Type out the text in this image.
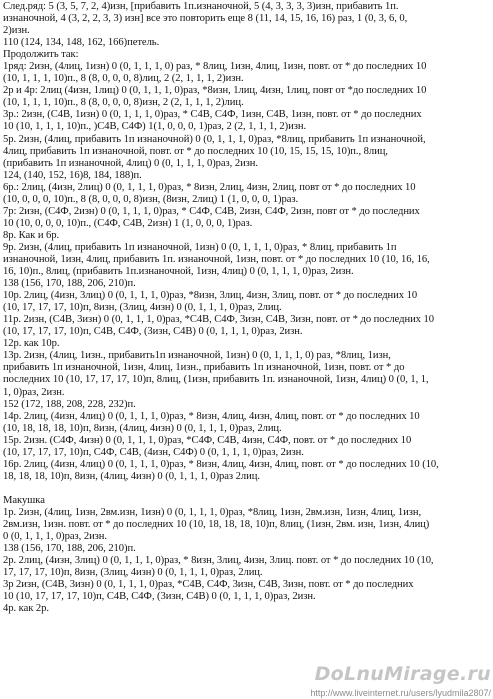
След.ряд: 5 (3, 5, 7, 2, 4)изн, [прибавить 1п.изнаночной, 5 (4, 3, 3, 3, 3)изн, прибавить 1п.

изнаночной, 4 (3, 2, 2, 3, 3) изн] все это повторить еще 8 (11, 14, 15, 16, 16) раз, 1 (0, 3, 6, 0,

2)изн.

110 (124, 134, 148, 162, 166)петель.

Продолжить так:

1ряд: 2изн, (4лиц, 1изн) 0 (0, 1, 1, 1, 0) раз, * 8лиц, 1изн, 4лиц, 1изн, повт. от * до последних 10

(10, 1, 1, 1, 10)п., 8 (8, 0, 0, 0, 8)лиц, 2 (2, 1, 1, 1, 2)изн.

2р и 4р: 2лиц (4изн, 1лиц) 0 (0, 1, 1, 1, 0)раз, *8изн, 1лиц, 4изн, 1лиц, повт от *до последних 10

(10, 1, 1, 1, 10)п., 8 (8, 0, 0, 0, 8)изн, 2 (2, 1, 1, 1, 2)лиц.

3р.: 2изн, (С4В, 1изн) 0 (0, 1, 1, 1, 0)раз, * С4В, С4Ф, 1изн, С4В, 1изн, повт. от * до последних

10 (10, 1, 1, 1, 10)п., )С4В, С4Ф) 1(1, 0, 0, 0, 1)раз, 2 (2, 1, 1, 1, 2)изн.

5р. 2изн, (4лиц, прибавить 1п изнаночной) 0 (0, 1, 1, 1, 0)раз, *8лиц, прибавить 1п изнаночной,

4лиц, прибавить 1п изнаночной, повт. от * до последних 10 (10, 15, 15, 15, 10)п., 8лиц,

(прибавить 1п изнаночной, 4лиц) 0 (0, 1, 1, 1, 0)раз, 2изн.

124, (140, 152, 16)8, 184, 188)п.

6р.: 2лиц, (4изн, 2лиц) 0 (0, 1, 1, 1, 0)раз, * 8изн, 2лиц, 4изн, 2лиц, повт от * до последних 10

(10, 0, 0, 0, 10)п., 8 (8, 0, 0, 0, 8)изн, (8изн, 2лиц) 1 (1, 0, 0, 0, 1)раз.

7р: 2изн, (С4Ф, 2изн) 0 (0, 1, 1, 1, 0)раз, * С4Ф, С4В, 2изн, С4Ф, 2изн, повт от * до последних

10 (10, 0, 0, 0, 10)п., (С4Ф, С4В, 2изн) 1 (1, 0, 0, 0, 1)раз.

8р. Как и 6р.

9р. 2изн, (4лиц, прибавить 1п изнаночной, 1изн) 0 (0, 1, 1, 1, 0)раз, * 8лиц, прибавить 1п

изнаночной, 1изн, 4лиц, прибавить 1п. изнаночной, 1изн, повт. от * до последних 10 (10, 16, 16,

16, 10)п., 8лиц, (прибавить 1п.изнаночной, 1изн, 4лиц) 0 (0, 1, 1, 1, 0)раз, 2изн.

138 (156, 170, 188, 206, 210)п.

10р. 2лиц, (4изн, 3лиц) 0 (0, 1, 1, 1, 0)раз, *8изн, 3лиц, 4изн, 3лиц, повт. от * до последних 10

(10, 17, 17, 17, 10)п, 8изн, (3лиц, 4изн) 0 (0, 1, 1, 1, 0)раз, 2лиц.

11р. 2изн, (С4В, 3изн) 0 (0, 1, 1, 1, 0)раз, *С4В, С4Ф, 3изн, С4В, 3изн, повт. от * до последних 10

(10, 17, 17, 17, 10)п, С4В, С4Ф, (3изн, С4В) 0 (0, 1, 1, 1, 0)раз, 2изн.

12р. как 10р.

13р. 2изн, (4лиц, 1изн., прибавить1п изнаночной, 1изн) 0 (0, 1, 1, 1, 0) раз, *8лиц, 1изн,

прибавить 1п изнаночной, 1изн, 4лиц, 1изн., прибавить 1п изнаночной, 1изн, повт. от * до

последних 10 (10, 17, 17, 17, 10)п, 8лиц, (1изн, прибавить 1п. изнаночной, 1изн, 4лиц) 0 (0, 1, 1,

1, 0)раз, 2изн.

152 (172, 188, 208, 228, 232)п.

14р. 2лиц, (4изн, 4лиц) 0 (0, 1, 1, 1, 0)раз, * 8изн, 4лиц, 4изн, 4лиц, повт. от * до последних 10

(10, 18, 18, 18, 10)п, 8изн, (4лиц, 4изн) 0 (0, 1, 1, 1, 0)раз, 2лиц.

15р. 2изн. (С4Ф, 4изн) 0 (0, 1, 1, 1, 0)раз, *С4Ф, С4В, 4изн, С4Ф, повт. от * до последних 10

(10, 17, 17, 17, 10)п, С4Ф, С4В, (4изн, С4Ф) 0 (0, 1, 1, 1, 0)раз, 2изн.

16р. 2лиц, (4изн, 4лиц) 0 (0, 1, 1, 1, 0)раз, * 8изн, 4лиц, 4изн, 4лиц, повт. от * до последних 10 (10,

18, 18, 18, 10)п, 8изн, (4лиц, 4изн) 0 (0, 1, 1, 1, 0)раз 2лиц.

Макушка

1р. 2изн, (4лиц, 1изн, 2вм.изн, 1изн) 0 (0, 1, 1, 1, 0)раз, *8лиц, 1изн, 2вм.изн, 1изн, 4лиц, 1изн,

2вм.изн, 1изн. повт. от * до последних 10 (10, 18, 18, 18, 10)п, 8лиц, (1изн, 2вм. изн, 1изн, 4лиц)

0 (0, 1, 1, 1, 0)раз, 2изн.

138 (156, 170, 188, 206, 210)п.

2р. 2лиц, (4изн, 3лиц) 0 (0, 1, 1, 1, 0)раз, * 8изн, 3лиц, 4изн, 3лиц. повт. от * до последних 10 (10,

17, 17, 17, 10)п, 8изн, (3лиц, 4изн) 0 (0, 1, 1, 1, 0)раз, 2лиц.

3р 2изн, (С4В, 3изн) 0 (0, 1, 1, 1, 0)раз, *С4В, С4Ф, 3изн, С4В, 3изн, повт. от * до последних

10 (10, 17, 17, 17, 10)п, С4В, С4Ф, (3изн, С4В) 0 (0, 1, 1, 1, 0)раз, 2изн.

4р. как 2р.

DoLnuMirage.ru
http://www.liveinternet.ru/users/lyudmila2807/
